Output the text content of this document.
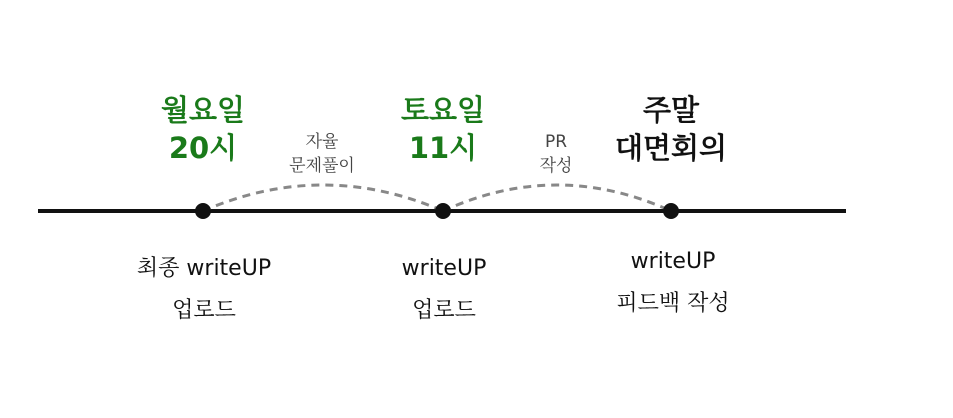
자율
문제풀이
PR
작성
월요일
20시
토요일
11시
주말
대면회의
최종 writeUP
업로드
writeUP
업로드
writeUP
피드백 작성
